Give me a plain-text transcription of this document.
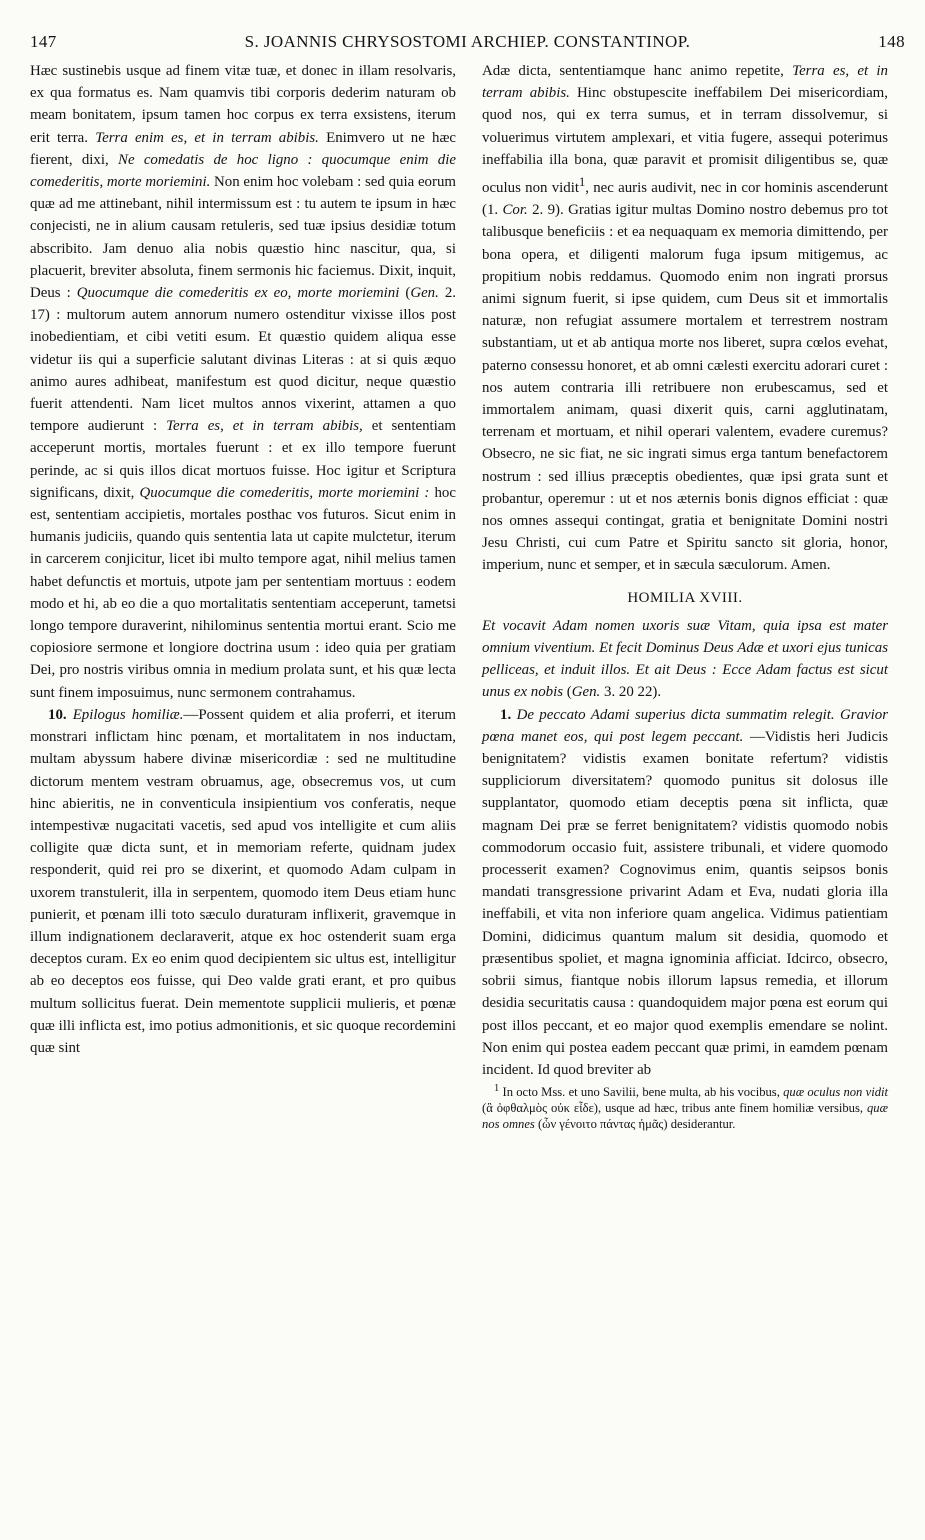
147	S. JOANNIS CHRYSOSTOMI ARCHIEP. CONSTANTINOP.	148

Hæc sustinebis usque ad finem vitæ tuæ, et donec in illam resolvaris, ex qua formatus es. Nam quamvis tibi corporis dederim naturam ob meam bonitatem, ipsum tamen hoc corpus ex terra exsistens, iterum erit terra. Terra enim es, et in terram abibis. Enimvero ut ne hæc fierent, dixi, Ne comedatis de hoc ligno : quocumque enim die comederitis, morte moriemini. Non enim hoc volebam : sed quia eorum quæ ad me attinebant, nihil intermissum est : tu autem te ipsum in hæc conjecisti, ne in alium causam retuleris, sed tuæ ipsius desidiæ totum abscribito. Jam denuo alia nobis quæstio hinc nascitur, qua, si placuerit, breviter absoluta, finem sermonis hic faciemus. Dixit, inquit, Deus : Quocumque die comederitis ex eo, morte moriemini (Gen. 2. 17) : multorum autem annorum numero ostenditur vixisse illos post inobedientiam, et cibi vetiti esum. Et quæstio quidem aliqua esse videtur iis qui a superficie salutant divinas Literas : at si quis æquo animo aures adhibeat, manifestum est quod dicitur, neque quæstio fuerit attendenti. Nam licet multos annos vixerint, attamen a quo tempore audierunt : Terra es, et in terram abibis, et sententiam acceperunt mortis, mortales fuerunt : et ex illo tempore fuerunt perinde, ac si quis illos dicat mortuos fuisse. Hoc igitur et Scriptura significans, dixit, Quocumque die comederitis, morte moriemini : hoc est, sententiam accipietis, mortales posthac vos futuros. Sicut enim in humanis judiciis, quando quis sententia lata ut capite mulctetur, iterum in carcerem conjicitur, licet ibi multo tempore agat, nihil melius tamen habet defunctis et mortuis, utpote jam per sententiam mortuus : eodem modo et hi, ab eo die a quo mortalitatis sententiam acceperunt, tametsi longo tempore duraverint, nihilominus sententia mortui erant. Scio me copiosiore sermone et longiore doctrina usum : ideo quia per gratiam Dei, pro nostris viribus omnia in medium prolata sunt, et his quæ lecta sunt finem imposuimus, nunc sermonem contrahamus.

10. Epilogus homiliæ.—Possent quidem et alia proferri, et iterum monstrari inflictam hinc pœnam, et mortalitatem in nos inductam, multam abyssum habere divinæ misericordiæ : sed ne multitudine dictorum mentem vestram obruamus, age, obsecremus vos, ut cum hinc abieritis, ne in conventicula insipientium vos conferatis, neque intempestivæ nugacitati vacetis, sed apud vos intelligite et cum aliis colligite quæ dicta sunt, et in memoriam referte, quidnam judex responderit, quid rei pro se dixerint, et quomodo Adam culpam in uxorem transtulerit, illa in serpentem, quomodo item Deus etiam hunc punierit, et pœnam illi toto sæculo duraturam inflixerit, gravemque in illum indignationem declaraverit, atque ex hoc ostenderit suam erga deceptos curam. Ex eo enim quod decipientem sic ultus est, intelligitur ab eo deceptos eos fuisse, qui Deo valde grati erant, et pro quibus multum sollicitus fuerat. Dein mementote supplicii mulieris, et pœnæ quæ illi inflicta est, imo potius admonitionis, et sic quoque recordemini quæ sint

Adæ dicta, sententiamque hanc animo repetite, Terra es, et in terram abibis. Hinc obstupescite ineffabilem Dei misericordiam, quod nos, qui ex terra sumus, et in terram dissolvemur, si voluerimus virtutem amplexari, et vitia fugere, assequi poterimus ineffabilia illa bona, quæ paravit et promisit diligentibus se, quæ oculus non vidit$^1$, nec auris audivit, nec in cor hominis ascenderunt (1. Cor. 2. 9). Gratias igitur multas Domino nostro debemus pro tot talibusque beneficiis : et ea nequaquam ex memoria dimittendo, per bona opera, et diligenti malorum fuga ipsum mitigemus, ac propitium nobis reddamus. Quomodo enim non ingrati prorsus animi signum fuerit, si ipse quidem, cum Deus sit et immortalis naturæ, non refugiat assumere mortalem et terrestrem nostram substantiam, ut et ab antiqua morte nos liberet, supra cœlos evehat, paterno consessu honoret, et ab omni cælesti exercitu adorari curet : nos autem contraria illi retribuere non erubescamus, sed et immortalem animam, quasi dixerit quis, carni agglutinatam, terrenam et mortuam, et nihil operari valentem, evadere curemus? Obsecro, ne sic fiat, ne sic ingrati simus erga tantum benefactorem nostrum : sed illius præceptis obedientes, quæ ipsi grata sunt et probantur, operemur : ut et nos æternis bonis dignos efficiat : quæ nos omnes assequi contingat, gratia et benignitate Domini nostri Jesu Christi, cui cum Patre et Spiritu sancto sit gloria, honor, imperium, nunc et semper, et in sæcula sæculorum. Amen.

HOMILIA XVIII.

Et vocavit Adam nomen uxoris suæ Vitam, quia ipsa est mater omnium viventium. Et fecit Dominus Deus Adæ et uxori ejus tunicas pelliceas, et induit illos. Et ait Deus : Ecce Adam factus est sicut unus ex nobis (Gen. 3. 20 22).

1. De peccato Adami superius dicta summatim relegit. Gravior pœna manet eos, qui post legem peccant. —Vidistis heri Judicis benignitatem? vidistis examen bonitate refertum? vidistis suppliciorum diversitatem? quomodo punitus sit dolosus ille supplantator, quomodo etiam deceptis pœna sit inflicta, quæ magnam Dei præ se ferret benignitatem? vidistis quomodo nobis commodorum occasio fuit, assistere tribunali, et videre quomodo processerit examen? Cognovimus enim, quantis seipsos bonis mandati transgressione privarint Adam et Eva, nudati gloria illa ineffabili, et vita non inferiore quam angelica. Vidimus patientiam Domini, didicimus quantum malum sit desidia, quomodo et præsentibus spoliet, et magna ignominia afficiat. Idcirco, obsecro, sobrii simus, fiantque nobis illorum lapsus remedia, et illorum desidia securitatis causa : quandoquidem major pœna est eorum qui post illos peccant, et eo major quod exemplis emendare se nolint. Non enim qui postea eadem peccant quæ primi, in eamdem pœnam incident. Id quod breviter ab

$^1$ In octo Mss. et uno Savilii, bene multa, ab his vocibus, quæ oculus non vidit (ἃ ὀφθαλμὸς οὐκ εἶδε), usque ad hæc, tribus ante finem homiliæ versibus, quæ nos omnes (ὧν γένοιτο πάντας ἡμᾶς) desiderantur.
